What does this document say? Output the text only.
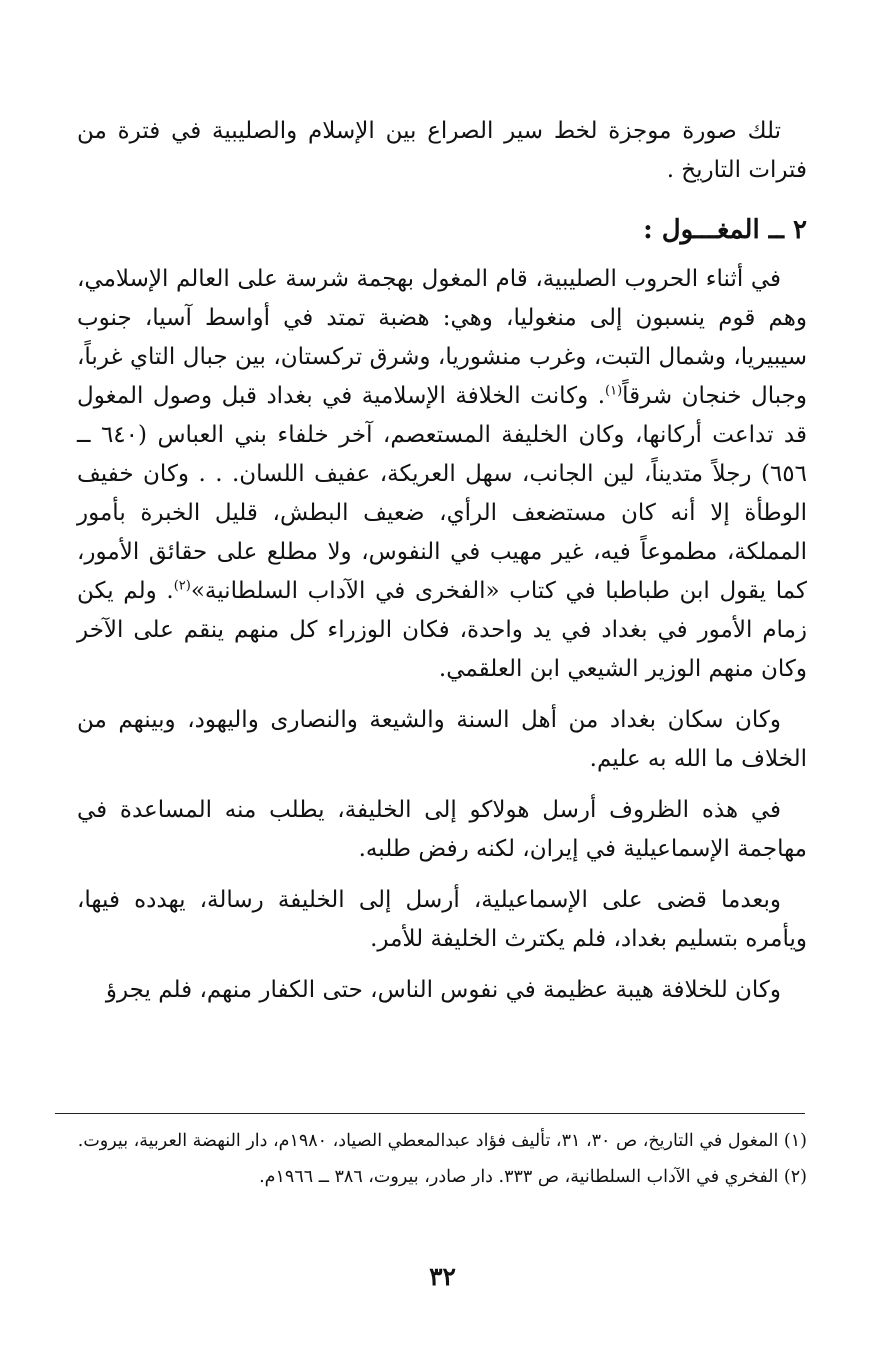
تلك صورة موجزة لخط سير الصراع بين الإسلام والصليبية في فترة من فترات التاريخ .

٢ ــ المغـــول :

في أثناء الحروب الصليبية، قام المغول بهجمة شرسة على العالم الإسلامي، وهم قوم ينسبون إلى منغوليا، وهي: هضبة تمتد في أواسط آسيا، جنوب سيبيريا، وشمال التبت، وغرب منشوريا، وشرق تركستان، بين جبال التاي غرباً، وجبال خنجان شرقاً$^{(١)}$. وكانت الخلافة الإسلامية في بغداد قبل وصول المغول قد تداعت أركانها، وكان الخليفة المستعصم، آخر خلفاء بني العباس (٦٤٠ ــ ٦٥٦) رجلاً متديناً، لين الجانب، سهل العريكة، عفيف اللسان. . . وكان خفيف الوطأة إلا أنه كان مستضعف الرأي، ضعيف البطش، قليل الخبرة بأمور المملكة، مطموعاً فيه، غير مهيب في النفوس، ولا مطلع على حقائق الأمور، كما يقول ابن طباطبا في كتاب «الفخرى في الآداب السلطانية»$^{(٢)}$. ولم يكن زمام الأمور في بغداد في يد واحدة، فكان الوزراء كل منهم ينقم على الآخر وكان منهم الوزير الشيعي ابن العلقمي.

وكان سكان بغداد من أهل السنة والشيعة والنصارى واليهود، وبينهم من الخلاف ما الله به عليم.

في هذه الظروف أرسل هولاكو إلى الخليفة، يطلب منه المساعدة في مهاجمة الإسماعيلية في إيران، لكنه رفض طلبه.

وبعدما قضى على الإسماعيلية، أرسل إلى الخليفة رسالة، يهدده فيها، ويأمره بتسليم بغداد، فلم يكترث الخليفة للأمر.

وكان للخلافة هيبة عظيمة في نفوس الناس، حتى الكفار منهم، فلم يجرؤ

(١) المغول في التاريخ، ص ٣٠، ٣١، تأليف فؤاد عبدالمعطي الصياد، ١٩٨٠م، دار النهضة العربية، بيروت.

(٢) الفخري في الآداب السلطانية، ص ٣٣٣. دار صادر، بيروت، ٣٨٦ ــ ١٩٦٦م.

٣٢
